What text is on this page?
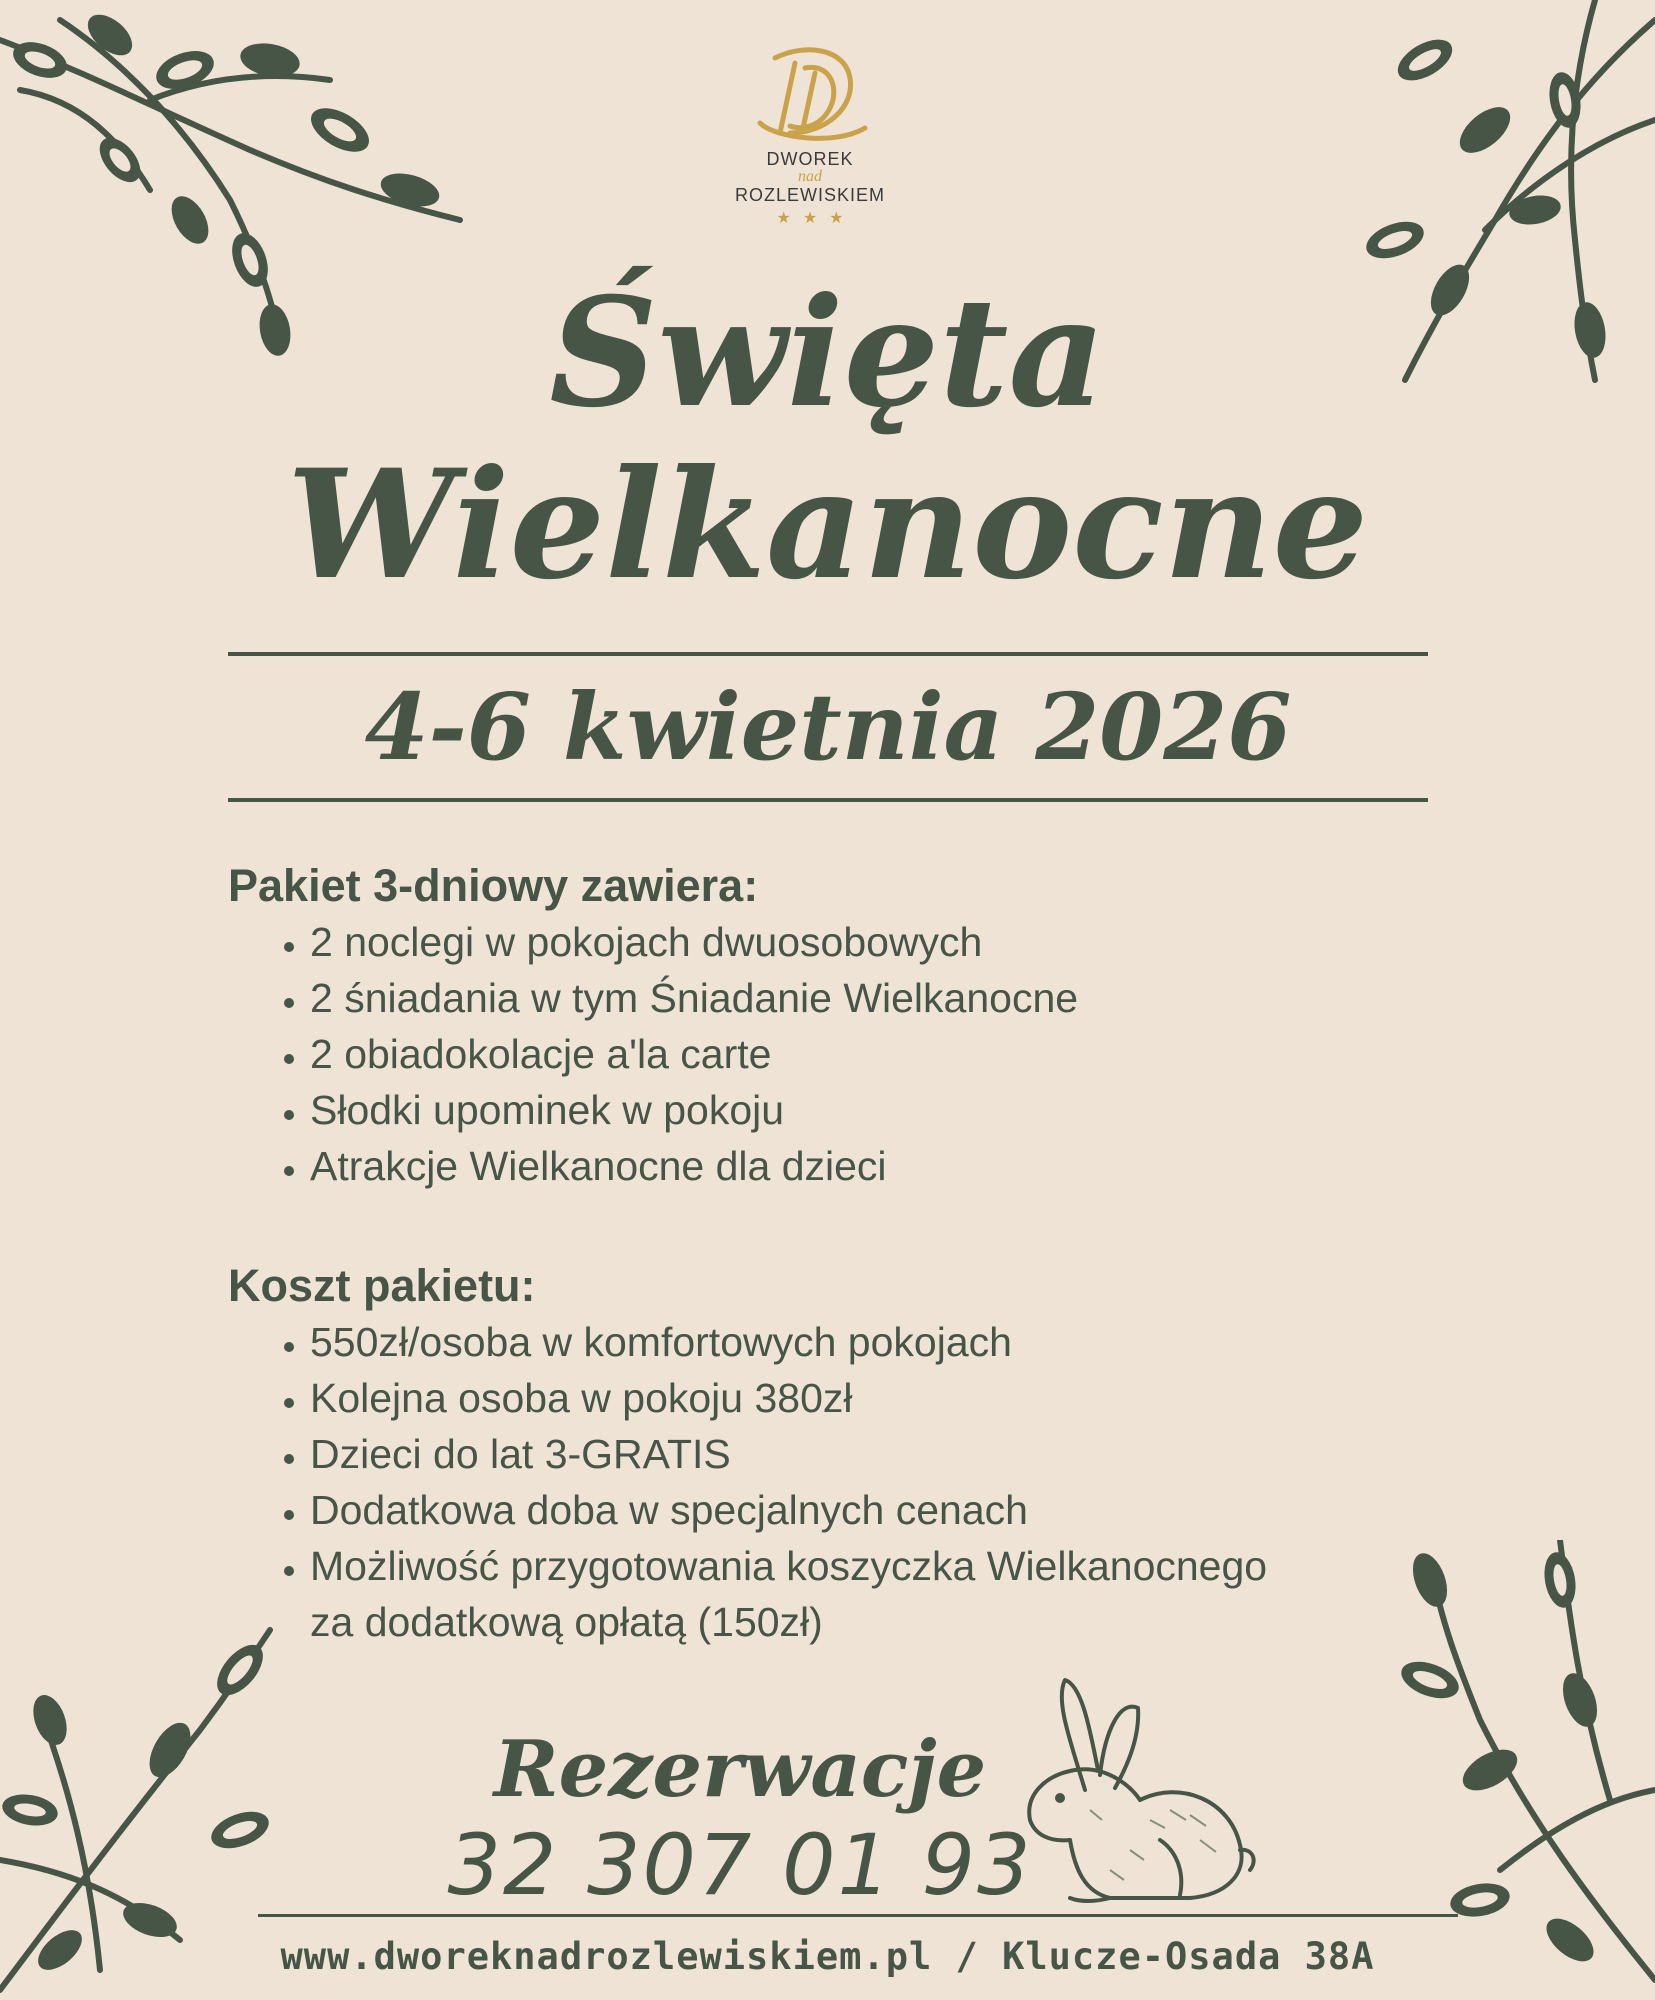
DWOREK
nad
ROZLEWISKIEM
★★★
Święta
Wielkanocne
4-6 kwietnia 2026
Pakiet 3-dniowy zawiera:
• 2 noclegi w pokojach dwuosobowych
• 2 śniadania w tym Śniadanie Wielkanocne
• 2 obiadokolacje a'la carte
• Słodki upominek w pokoju
• Atrakcje Wielkanocne dla dzieci
Koszt pakietu:
• 550zł/osoba w komfortowych pokojach
• Kolejna osoba w pokoju 380zł
• Dzieci do lat 3-GRATIS
• Dodatkowa doba w specjalnych cenach
• Możliwość przygotowania koszyczka Wielkanocnego za dodatkową opłatą (150zł)
Rezerwacje
32 307 01 93
www.dworeknadrozlewiskiem.pl / Klucze-Osada 38A
